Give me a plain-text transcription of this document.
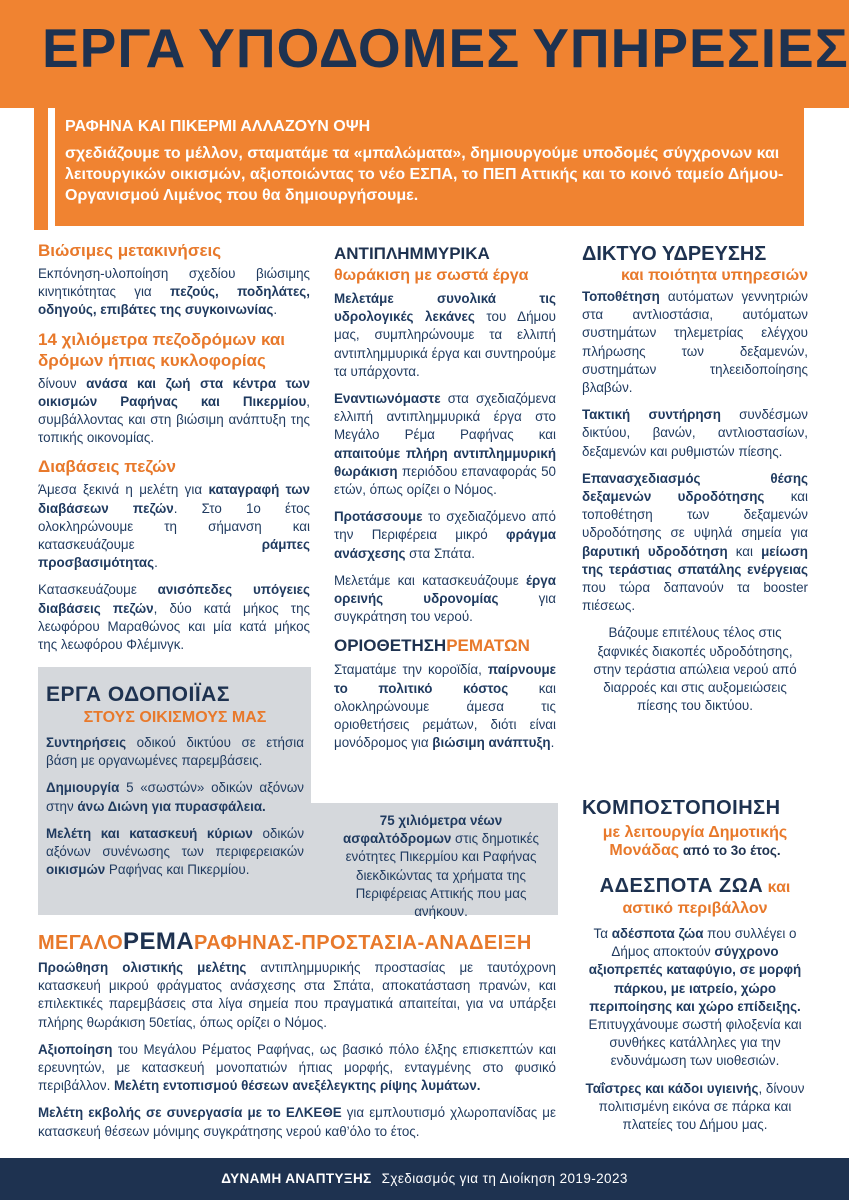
ΕΡΓΑ ΥΠΟΔΟΜΕΣ ΥΠΗΡΕΣΙΕΣ
ΡΑΦΗΝΑ ΚΑΙ ΠΙΚΕΡΜΙ ΑΛΛΑΖΟΥΝ ΟΨΗ
σχεδιάζουμε το μέλλον, σταματάμε τα «μπαλώματα», δημιουργούμε υποδομές σύγχρονων και λειτουργικών οικισμών, αξιοποιώντας το νέο ΕΣΠΑ, το ΠΕΠ Αττικής και το κοινό ταμείο Δήμου-Οργανισμού Λιμένος που θα δημιουργήσουμε.
Βιώσιμες μετακινήσεις

Εκπόνηση-υλοποίηση σχεδίου βιώσιμης κινητικότητας για πεζούς, ποδηλάτες, οδηγούς, επιβάτες της συγκοινωνίας.

14 χιλιόμετρα πεζοδρόμων και δρόμων ήπιας κυκλοφορίας

δίνουν ανάσα και ζωή στα κέντρα των οικισμών Ραφήνας και Πικερμίου, συμβάλλοντας και στη βιώσιμη ανάπτυξη της τοπικής οικονομίας.

Διαβάσεις πεζών

Άμεσα ξεκινά η μελέτη για καταγραφή των διαβάσεων πεζών. Στο 1ο έτος ολοκληρώνουμε τη σήμανση και κατασκευάζουμε ράμπες προσβασιμότητας.

Κατασκευάζουμε ανισόπεδες υπόγειες διαβάσεις πεζών, δύο κατά μήκος της λεωφόρου Μαραθώνος και μία κατά μήκος της λεωφόρου Φλέμινγκ.

ΕΡΓΑ ΟΔΟΠΟΙΪΑΣ
ΣΤΟΥΣ ΟΙΚΙΣΜΟΥΣ ΜΑΣ

Συντηρήσεις οδικού δικτύου σε ετήσια βάση με οργανωμένες παρεμβάσεις.

Δημιουργία 5 «σωστών» οδικών αξόνων στην άνω Διώνη για πυρασφάλεια.

Μελέτη και κατασκευή κύριων οδικών αξόνων συνένωσης των περιφερειακών οικισμών Ραφήνας και Πικερμίου.

ΑΝΤΙΠΛΗΜΜΥΡΙΚΑ
θωράκιση με σωστά έργα

Μελετάμε συνολικά τις υδρολογικές λεκάνες του Δήμου μας, συμπληρώνουμε τα ελλιπή αντιπλημμυρικά έργα και συντηρούμε τα υπάρχοντα.

Εναντιωνόμαστε στα σχεδιαζόμενα ελλιπή αντιπλημμυρικά έργα στο Μεγάλο Ρέμα Ραφήνας και απαιτούμε πλήρη αντιπλημμυρική θωράκιση περιόδου επαναφοράς 50 ετών, όπως ορίζει ο Νόμος.

Προτάσσουμε το σχεδιαζόμενο από την Περιφέρεια μικρό φράγμα ανάσχεσης στα Σπάτα.

Μελετάμε και κατασκευάζουμε έργα ορεινής υδρονομίας για συγκράτηση του νερού.

ΟΡΙΟΘΕΤΗΣΗΡΕΜΑΤΩΝ

Σταματάμε την κοροϊδία, παίρνουμε το πολιτικό κόστος και ολοκληρώνουμε άμεσα τις οριοθετήσεις ρεμάτων, διότι είναι μονόδρομος για βιώσιμη ανάπτυξη.

75 χιλιόμετρα νέων ασφαλτόδρομων στις δημοτικές ενότητες Πικερμίου και Ραφήνας διεκδικώντας τα χρήματα της Περιφέρειας Αττικής που μας ανήκουν.

ΔΙΚΤΥΟ ΥΔΡΕΥΣΗΣ
και ποιότητα υπηρεσιών

Τοποθέτηση αυτόματων γεννητριών στα αντλιοστάσια, αυτόματων συστημάτων τηλεμετρίας ελέγχου πλήρωσης των δεξαμενών, συστημάτων τηλεειδοποίησης βλαβών.

Τακτική συντήρηση συνδέσμων δικτύου, βανών, αντλιοστασίων, δεξαμενών και ρυθμιστών πίεσης.

Επανασχεδιασμός θέσης δεξαμενών υδροδότησης και τοποθέτηση των δεξαμενών υδροδότησης σε υψηλά σημεία για βαρυτική υδροδότηση και μείωση της τεράστιας σπατάλης ενέργειας που τώρα δαπανούν τα booster πιέσεως.

Βάζουμε επιτέλους τέλος στις ξαφνικές διακοπές υδροδότησης, στην τεράστια απώλεια νερού από διαρροές και στις αυξομειώσεις πίεσης του δικτύου.

ΚΟΜΠΟΣΤΟΠΟΙΗΣΗ
με λειτουργία Δημοτικής Μονάδας από το 3ο έτος.
ΑΔΕΣΠΟΤΑ ΖΩΑ και
αστικό περιβάλλον

Τα αδέσποτα ζώα που συλλέγει ο Δήμος αποκτούν σύγχρονο αξιοπρεπές καταφύγιο, σε μορφή πάρκου, με ιατρείο, χώρο περιποίησης και χώρο επίδειξης. Επιτυγχάνουμε σωστή φιλοξενία και συνθήκες κατάλληλες για την ενδυνάμωση των υιοθεσιών.

Ταΐστρες και κάδοι υγιεινής, δίνουν πολιτισμένη εικόνα σε πάρκα και πλατείες του Δήμου μας.

ΜΕΓΑΛΟΡΕΜΑΡΑΦΗΝΑΣ-ΠΡΟΣΤΑΣΙΑ-ΑΝΑΔΕΙΞΗ

Προώθηση ολιστικής μελέτης αντιπλημμυρικής προστασίας με ταυτόχρονη κατασκευή μικρού φράγματος ανάσχεσης στα Σπάτα, αποκατάσταση πρανών, και επιλεκτικές παρεμβάσεις στα λίγα σημεία που πραγματικά απαιτείται, για να υπάρξει πλήρης θωράκιση 50ετίας, όπως ορίζει ο Νόμος.

Αξιοποίηση του Μεγάλου Ρέματος Ραφήνας, ως βασικό πόλο έλξης επισκεπτών και ερευνητών, με κατασκευή μονοπατιών ήπιας μορφής, ενταγμένης στο φυσικό περιβάλλον. Μελέτη εντοπισμού θέσεων ανεξέλεγκτης ρίψης λυμάτων.

Μελέτη εκβολής σε συνεργασία με το ΕΛΚΕΘΕ για εμπλουτισμό χλωρoπανίδας με κατασκευή θέσεων μόνιμης συγκράτησης νερού καθ’όλο το έτος.

ΔΥΝΑΜΗ ΑΝΑΠΤΥΞΗΣ Σχεδιασμός για τη Διοίκηση 2019-2023
